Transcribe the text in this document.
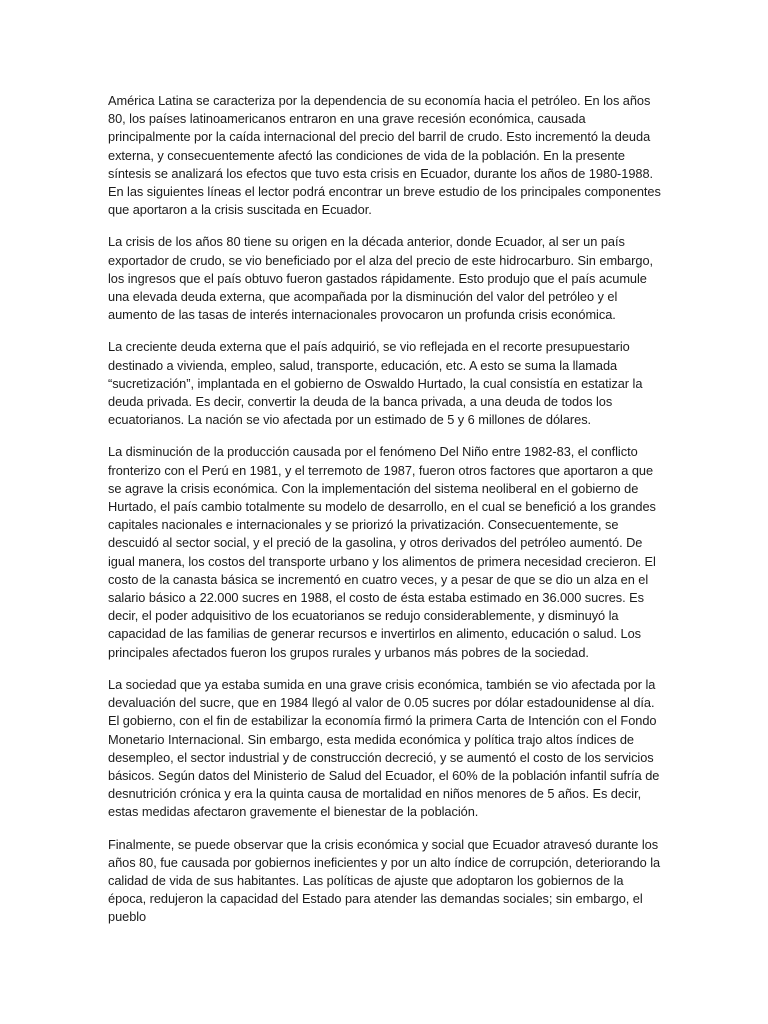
América Latina se caracteriza por la dependencia de su economía hacia el petróleo. En los años 80, los países latinoamericanos entraron en una grave recesión económica, causada principalmente por la caída internacional del precio del barril de crudo. Esto incrementó la deuda externa, y consecuentemente afectó las condiciones de vida de la población. En la presente síntesis se analizará los efectos que tuvo esta crisis en Ecuador, durante los años de 1980-1988. En las siguientes líneas el lector podrá encontrar un breve estudio de los principales componentes que aportaron a la crisis suscitada en Ecuador.

La crisis de los años 80 tiene su origen en la década anterior, donde Ecuador, al ser un país exportador de crudo, se vio beneficiado por el alza del precio de este hidrocarburo. Sin embargo, los ingresos que el país obtuvo fueron gastados rápidamente. Esto produjo que el país acumule una elevada deuda externa, que acompañada por la disminución del valor del petróleo y el aumento de las tasas de interés internacionales provocaron un profunda crisis económica.

La creciente deuda externa que el país adquirió, se vio reflejada en el recorte presupuestario destinado a vivienda, empleo, salud, transporte, educación, etc. A esto se suma la llamada “sucretización”, implantada en el gobierno de Oswaldo Hurtado, la cual consistía en estatizar la deuda privada. Es decir, convertir la deuda de la banca privada, a una deuda de todos los ecuatorianos. La nación se vio afectada por un estimado de 5 y 6 millones de dólares.

La disminución de la producción causada por el fenómeno Del Niño entre 1982-83, el conflicto fronterizo con el Perú en 1981, y el terremoto de 1987, fueron otros factores que aportaron a que se agrave la crisis económica. Con la implementación del sistema neoliberal en el gobierno de Hurtado, el país cambio totalmente su modelo de desarrollo, en el cual se benefició a los grandes capitales nacionales e internacionales y se priorizó la privatización. Consecuentemente, se descuidó al sector social, y el preció de la gasolina, y otros derivados del petróleo aumentó. De igual manera, los costos del transporte urbano y los alimentos de primera necesidad crecieron. El costo de la canasta básica se incrementó en cuatro veces, y a pesar de que se dio un alza en el salario básico a 22.000 sucres en 1988, el costo de ésta estaba estimado en 36.000 sucres. Es decir, el poder adquisitivo de los ecuatorianos se redujo considerablemente, y disminuyó la capacidad de las familias de generar recursos e invertirlos en alimento, educación o salud. Los principales afectados fueron los grupos rurales y urbanos más pobres de la sociedad.

La sociedad que ya estaba sumida en una grave crisis económica, también se vio afectada por la devaluación del sucre, que en 1984 llegó al valor de 0.05 sucres por dólar estadounidense al día. El gobierno, con el fin de estabilizar la economía firmó la primera Carta de Intención con el Fondo Monetario Internacional. Sin embargo, esta medida económica y política trajo altos índices de desempleo, el sector industrial y de construcción decreció, y se aumentó el costo de los servicios básicos. Según datos del Ministerio de Salud del Ecuador, el 60% de la población infantil sufría de desnutrición crónica y era la quinta causa de mortalidad en niños menores de 5 años. Es decir, estas medidas afectaron gravemente el bienestar de la población.

Finalmente, se puede observar que la crisis económica y social que Ecuador atravesó durante los años 80, fue causada por gobiernos ineficientes y por un alto índice de corrupción, deteriorando la calidad de vida de sus habitantes. Las políticas de ajuste que adoptaron los gobiernos de la época, redujeron la capacidad del Estado para atender las demandas sociales; sin embargo, el pueblo
